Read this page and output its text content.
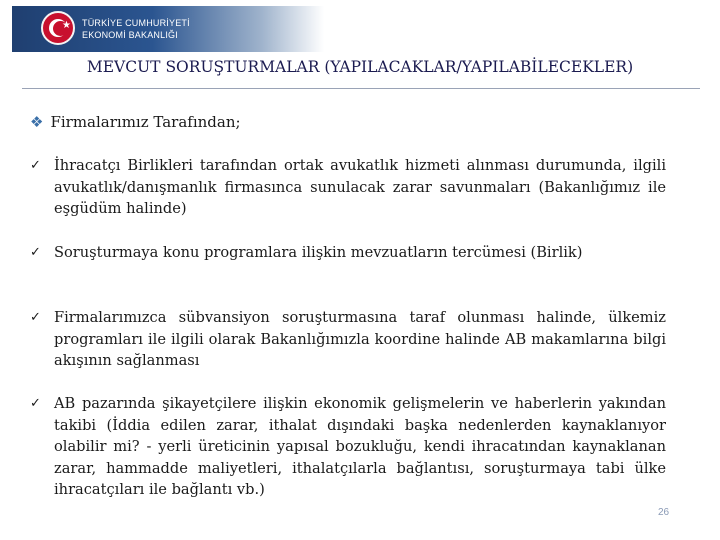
★ TÜRKİYE CUMHURİYETİ
EKONOMİ BAKANLIĞI
MEVCUT SORUŞTURMALAR (YAPILACAKLAR/YAPILABİLECEKLER)
❖ Firmalarımız Tarafından;
✓ İhracatçı Birlikleri tarafından ortak avukatlık hizmeti alınması durumunda, ilgili avukatlık/danışmanlık firmasınca sunulacak zarar savunmaları (Bakanlığımız ile eşgüdüm halinde)
✓ Soruşturmaya konu programlara ilişkin mevzuatların tercümesi (Birlik)
✓ Firmalarımızca sübvansiyon soruşturmasına taraf olunması halinde, ülkemiz programları ile ilgili olarak Bakanlığımızla koordine halinde AB makamlarına bilgi akışının sağlanması
✓ AB pazarında şikayetçilere ilişkin ekonomik gelişmelerin ve haberlerin yakından takibi (İddia edilen zarar, ithalat dışındaki başka nedenlerden kaynaklanıyor olabilir mi? - yerli üreticinin yapısal bozukluğu, kendi ihracatından kaynaklanan zarar, hammadde maliyetleri, ithalatçılarla bağlantısı, soruşturmaya tabi ülke ihracatçıları ile bağlantı vb.)
26
